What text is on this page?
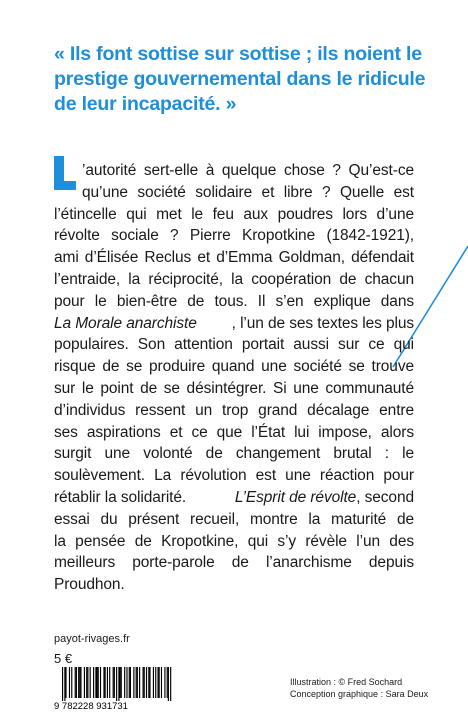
« Ils font sottise sur sottise ; ils noient le
prestige gouvernemental dans le ridicule
de leur incapacité. »
’autorité sert-elle à quelque chose ? Qu’est-ce
qu’une société solidaire et libre ? Quelle est
l’étincelle qui met le feu aux poudres lors d’une
révolte sociale ? Pierre Kropotkine (1842-1921),
ami d’Élisée Reclus et d’Emma Goldman, défendait
l’entraide, la réciprocité, la coopération de chacun
pour le bien-être de tous. Il s’en explique dans
La Morale anarchiste , l’un de ses textes les plus
populaires. Son attention portait aussi sur ce qui
risque de se produire quand une société se trouve
sur le point de se désintégrer. Si une communauté
d’individus ressent un trop grand décalage entre
ses aspirations et ce que l’État lui impose, alors
surgit une volonté de changement brutal : le
soulèvement. La révolution est une réaction pour
rétablir la solidarité.	L’Esprit de révolte, second
essai du présent recueil, montre la maturité de
la pensée de Kropotkine, qui s’y révèle l’un des
meilleurs porte-parole de l’anarchisme depuis
Proudhon.
payot-rivages.fr
5 €
9 782228 931731
Illustration : © Fred Sochard
Conception graphique : Sara Deux
